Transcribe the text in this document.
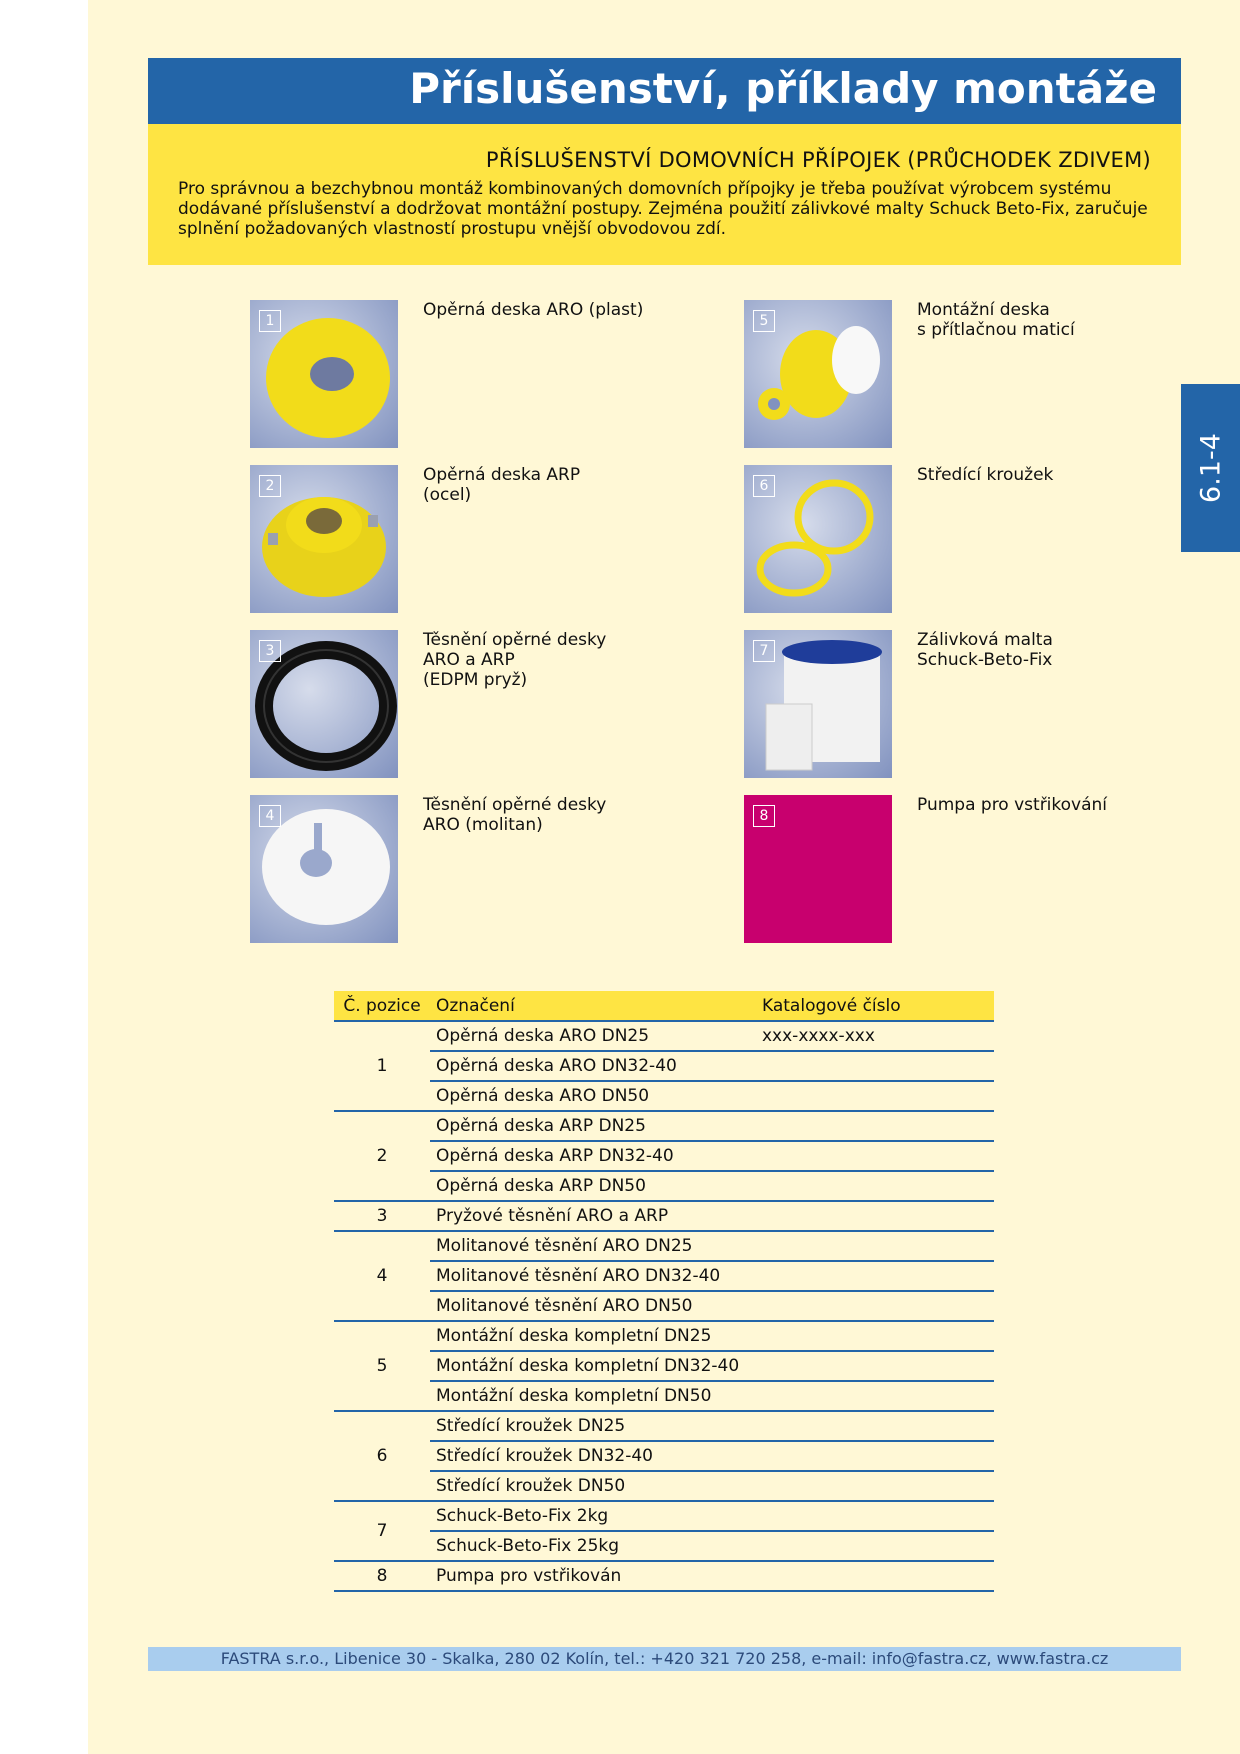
Příslušenství, příklady montáže
PŘÍSLUŠENSTVÍ DOMOVNÍCH PŘÍPOJEK (PRŮCHODEK ZDIVEM)

Pro správnou a bezchybnou montáž kombinovaných domovních přípojky je třeba používat výrobcem systému dodávané příslušenství a dodržovat montážní postupy. Zejména použití zálivkové malty Schuck Beto-Fix, zaručuje splnění požadovaných vlastností prostupu vnější obvodovou zdí.

6.1-4
1
Opěrná deska ARO (plast)
2
Opěrná deska ARP
(ocel)
3
Těsnění opěrné desky
ARO a ARP
(EDPM pryž)
4
Těsnění opěrné desky
ARO (molitan)
5
Montážní deska
s přítlačnou maticí
6
Středící kroužek
7
Zálivková malta
Schuck-Beto-Fix
8
Pumpa pro vstřikování
Č. pozice	Označení	Katalogové číslo
1	Opěrná deska ARO DN25	xxx-xxxx-xxx
	Opěrná deska ARO DN32-40	
	Opěrná deska ARO DN50	
2	Opěrná deska ARP DN25	
	Opěrná deska ARP DN32-40	
	Opěrná deska ARP DN50	
3	Pryžové těsnění ARO a ARP	
4	Molitanové těsnění ARO DN25	
	Molitanové těsnění ARO DN32-40	
	Molitanové těsnění ARO DN50	
5	Montážní deska kompletní DN25	
	Montážní deska kompletní DN32-40	
	Montážní deska kompletní DN50	
6	Středící kroužek DN25	
	Středící kroužek DN32-40	
	Středící kroužek DN50	
7	Schuck-Beto-Fix 2kg	
	Schuck-Beto-Fix 25kg	
8	Pumpa pro vstřikován	
FASTRA s.r.o., Libenice 30 - Skalka, 280 02 Kolín, tel.: +420 321 720 258, e-mail: info@fastra.cz, www.fastra.cz
